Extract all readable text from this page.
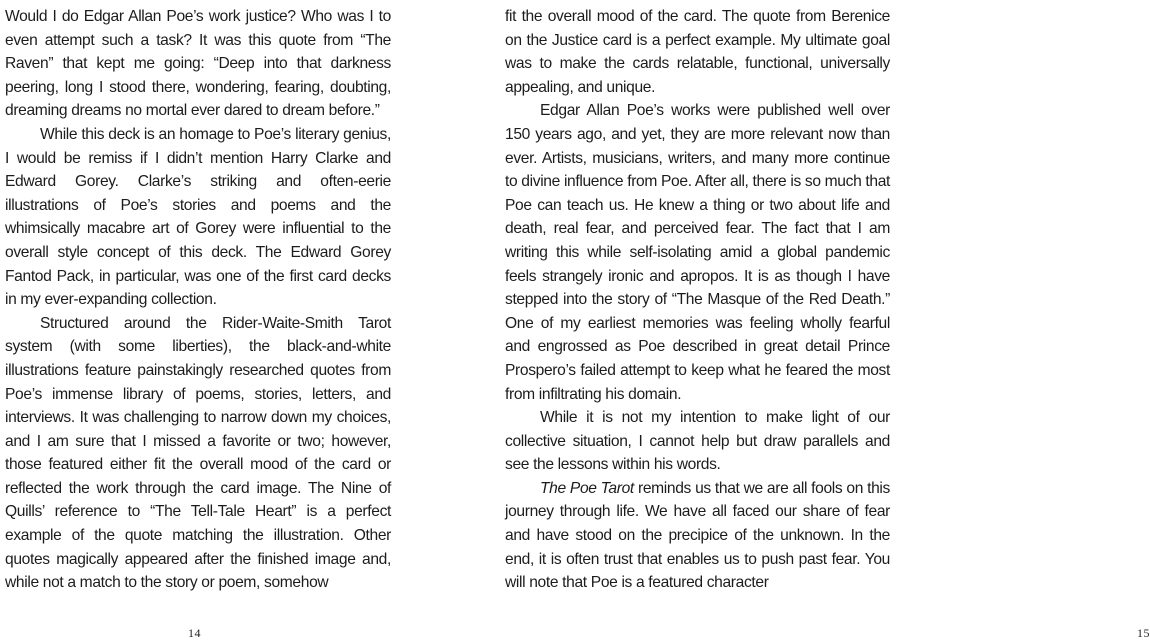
Would I do Edgar Allan Poe’s work justice? Who was I to even attempt such a task? It was this quote from “The Raven” that kept me going: “Deep into that darkness peering, long I stood there, wondering, fearing, doubting, dreaming dreams no mortal ever dared to dream before.”

While this deck is an homage to Poe’s literary genius, I would be remiss if I didn’t mention Harry Clarke and Edward Gorey. Clarke’s striking and often-eerie illustrations of Poe’s stories and poems and the whimsically macabre art of Gorey were influential to the overall style concept of this deck. The Edward Gorey Fantod Pack, in particular, was one of the first card decks in my ever-expanding collection.

Structured around the Rider-Waite-Smith Tarot system (with some liberties), the black-and-white illustrations feature painstakingly researched quotes from Poe’s immense library of poems, stories, letters, and interviews. It was challenging to narrow down my choices, and I am sure that I missed a favorite or two; however, those featured either fit the overall mood of the card or reflected the work through the card image. The Nine of Quills’ reference to “The Tell-Tale Heart” is a perfect example of the quote matching the illustration. Other quotes magically appeared after the finished image and, while not a match to the story or poem, somehow

14

fit the overall mood of the card. The quote from Berenice on the Justice card is a perfect example. My ultimate goal was to make the cards relatable, functional, universally appealing, and unique.

Edgar Allan Poe’s works were published well over 150 years ago, and yet, they are more relevant now than ever. Artists, musicians, writers, and many more continue to divine influence from Poe. After all, there is so much that Poe can teach us. He knew a thing or two about life and death, real fear, and perceived fear. The fact that I am writing this while self-isolating amid a global pandemic feels strangely ironic and apropos. It is as though I have stepped into the story of “The Masque of the Red Death.” One of my earliest memories was feeling wholly fearful and engrossed as Poe described in great detail Prince Prospero’s failed attempt to keep what he feared the most from infiltrating his domain.

While it is not my intention to make light of our collective situation, I cannot help but draw parallels and see the lessons within his words.

The Poe Tarot reminds us that we are all fools on this journey through life. We have all faced our share of fear and have stood on the precipice of the unknown. In the end, it is often trust that enables us to push past fear. You will note that Poe is a featured character

15
